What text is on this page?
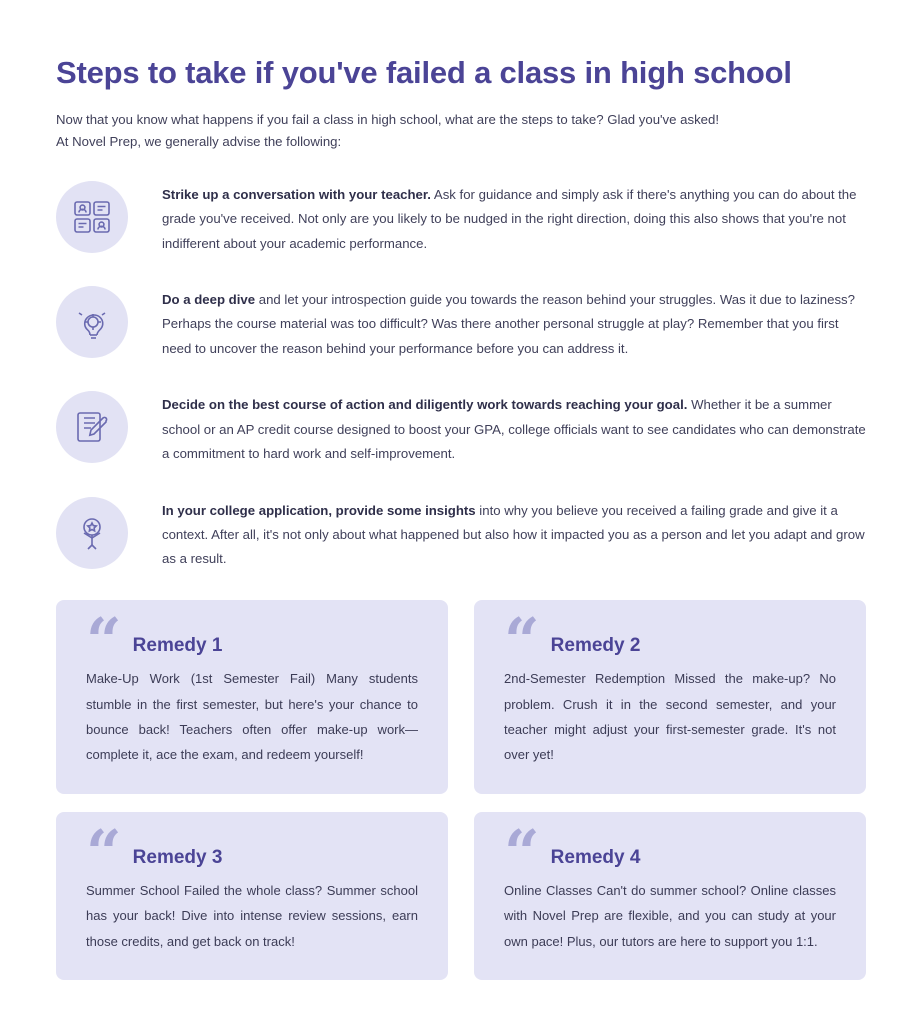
Steps to take if you've failed a class in high school
Now that you know what happens if you fail a class in high school, what are the steps to take? Glad you've asked!
At Novel Prep, we generally advise the following:

Strike up a conversation with your teacher. Ask for guidance and simply ask if there's anything you can do about the grade you've received. Not only are you likely to be nudged in the right direction, doing this also shows that you're not indifferent about your academic performance.

Do a deep dive and let your introspection guide you towards the reason behind your struggles. Was it due to laziness? Perhaps the course material was too difficult? Was there another personal struggle at play? Remember that you first need to uncover the reason behind your performance before you can address it.

Decide on the best course of action and diligently work towards reaching your goal. Whether it be a summer school or an AP credit course designed to boost your GPA, college officials want to see candidates who can demonstrate a commitment to hard work and self-improvement.

In your college application, provide some insights into why you believe you received a failing grade and give it a context. After all, it's not only about what happened but also how it impacted you as a person and let you adapt and grow as a result.

“ Remedy 1

Make-Up Work (1st Semester Fail) Many students stumble in the first semester, but here's your chance to bounce back! Teachers often offer make-up work—complete it, ace the exam, and redeem yourself!

“ Remedy 2

2nd-Semester Redemption Missed the make-up? No problem. Crush it in the second semester, and your teacher might adjust your first-semester grade. It's not over yet!

“ Remedy 3

Summer School Failed the whole class? Summer school has your back! Dive into intense review sessions, earn those credits, and get back on track!

“ Remedy 4

Online Classes Can't do summer school? Online classes with Novel Prep are flexible, and you can study at your own pace! Plus, our tutors are here to support you 1:1.
